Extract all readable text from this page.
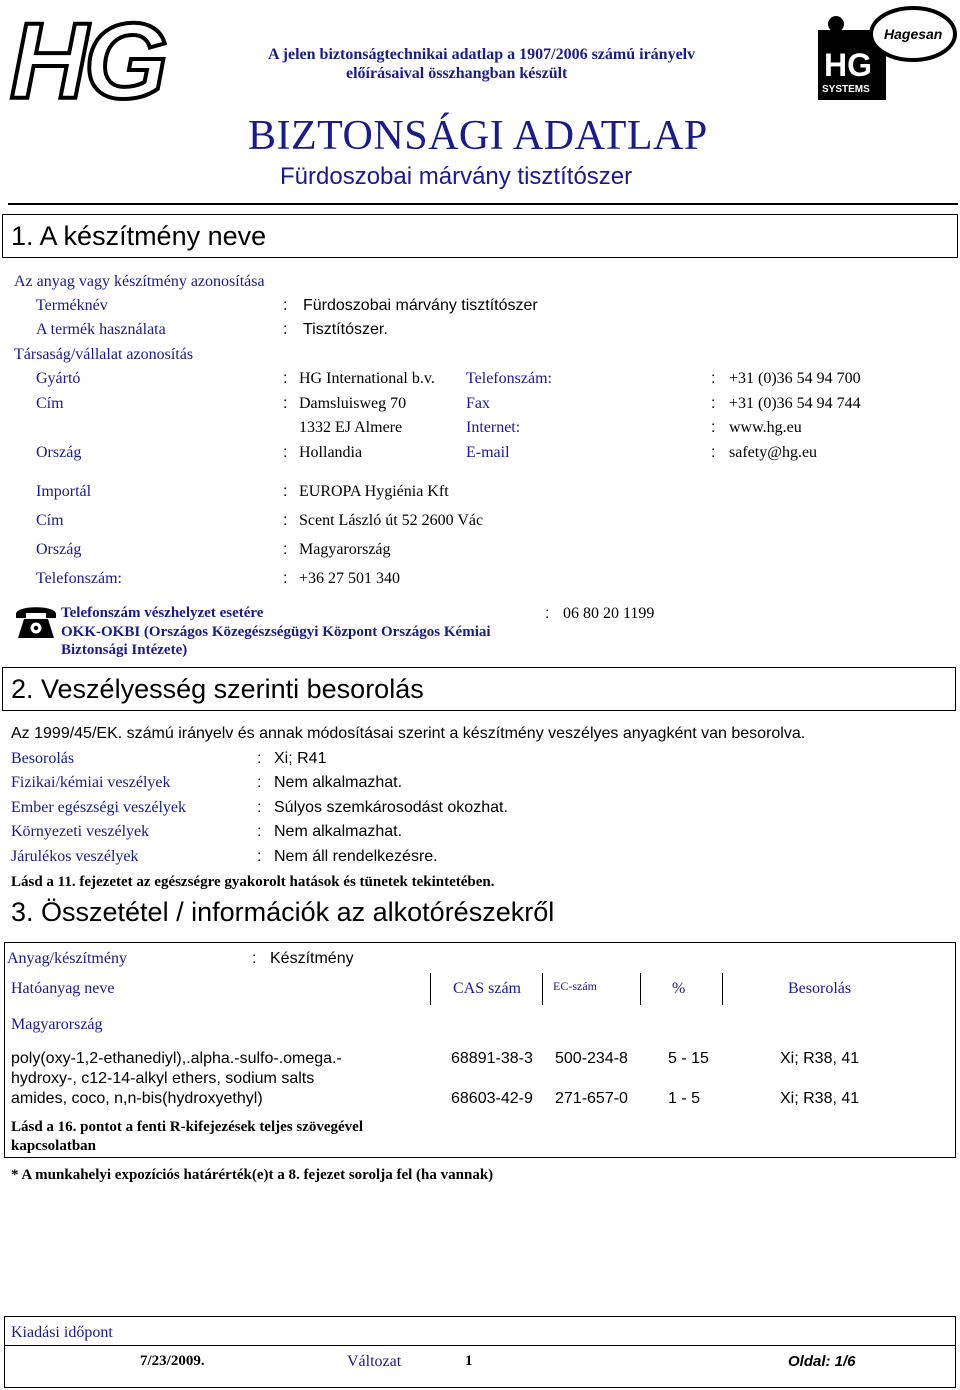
HG	A jelen biztonságtechnikai adatlap a 1907/2006 számú irányelv
előírásaival összhangban készült
BIZTONSÁGI ADATLAP
Fürdoszobai márvány tisztítószer
HG
SYSTEMS
Hagesan
1. A készítmény neve
Az anyag vagy készítmény azonosítása
Terméknév	: Fürdoszobai márvány tisztítószer
A termék használata	: Tisztítószer.
Társaság/vállalat azonosítás
Gyártó	: HG International b.v. Telefonszám:	: +31 (0)36 54 94 700
Cím	: Damsluisweg 70	Fax	: +31 (0)36 54 94 744
1332 EJ Almere	Internet:	: www.hg.eu
Ország	: Hollandia	E-mail	: safety@hg.eu
Importál	: EUROPA Hygiénia Kft
Cím	: Scent László út 52 2600 Vác
Ország	: Magyarország
Telefonszám:	: +36 27 501 340
Telefonszám vészhelyzet esetére	: 06 80 20 1199
OKK-OKBI (Országos Közegészségügyi Központ Országos Kémiai
Biztonsági Intézete)
2. Veszélyesség szerinti besorolás
Az 1999/45/EK. számú irányelv és annak módosításai szerint a készítmény veszélyes anyagként van besorolva.
Besorolás	: Xi; R41
Fizikai/kémiai veszélyek	: Nem alkalmazhat.
Ember egészségi veszélyek	: Súlyos szemkárosodást okozhat.
Környezeti veszélyek	: Nem alkalmazhat.
Járulékos veszélyek	: Nem áll rendelkezésre.
Lásd a 11. fejezetet az egészségre gyakorolt hatások és tünetek tekintetében.
3. Összetétel / információk az alkotórészekről
Anyag/készítmény	: Készítmény
Hatóanyag neve	CAS szám	EC-szám	%	Besorolás
Magyarország
poly(oxy-1,2-ethanediyl),.alpha.-sulfo-.omega.-
hydroxy-, c12-14-alkyl ethers, sodium salts
68891-38-3 500-234-8	5 - 15	Xi; R38, 41
amides, coco, n,n-bis(hydroxyethyl)	68603-42-9 271-657-0	1 - 5	Xi; R38, 41
Lásd a 16. pontot a fenti R-kifejezések teljes szövegével
kapcsolatban
* A munkahelyi expozíciós határérték(e)t a 8. fejezet sorolja fel (ha vannak)
Kiadási időpont
7/23/2009.	Változat	1	Oldal: 1/6
